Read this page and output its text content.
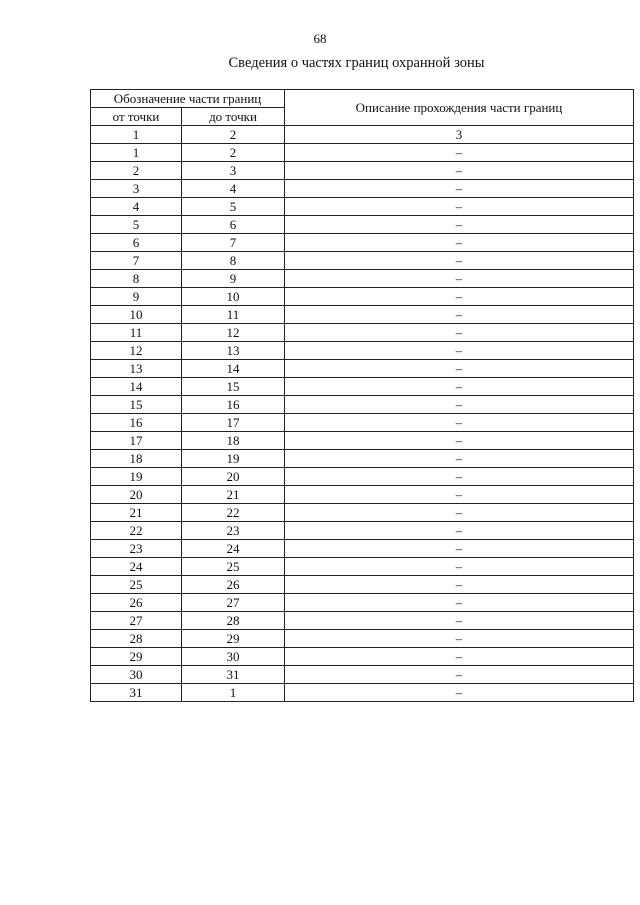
68
Сведения о частях границ охранной зоны
Обозначение части границ		Описание прохождения части границ
от точки	до точки	
1	2	3
1	2	–
2	3	–
3	4	–
4	5	–
5	6	–
6	7	–
7	8	–
8	9	–
9	10	–
10	11	–
11	12	–
12	13	–
13	14	–
14	15	–
15	16	–
16	17	–
17	18	–
18	19	–
19	20	–
20	21	–
21	22	–
22	23	–
23	24	–
24	25	–
25	26	–
26	27	–
27	28	–
28	29	–
29	30	–
30	31	–
31	1	–
